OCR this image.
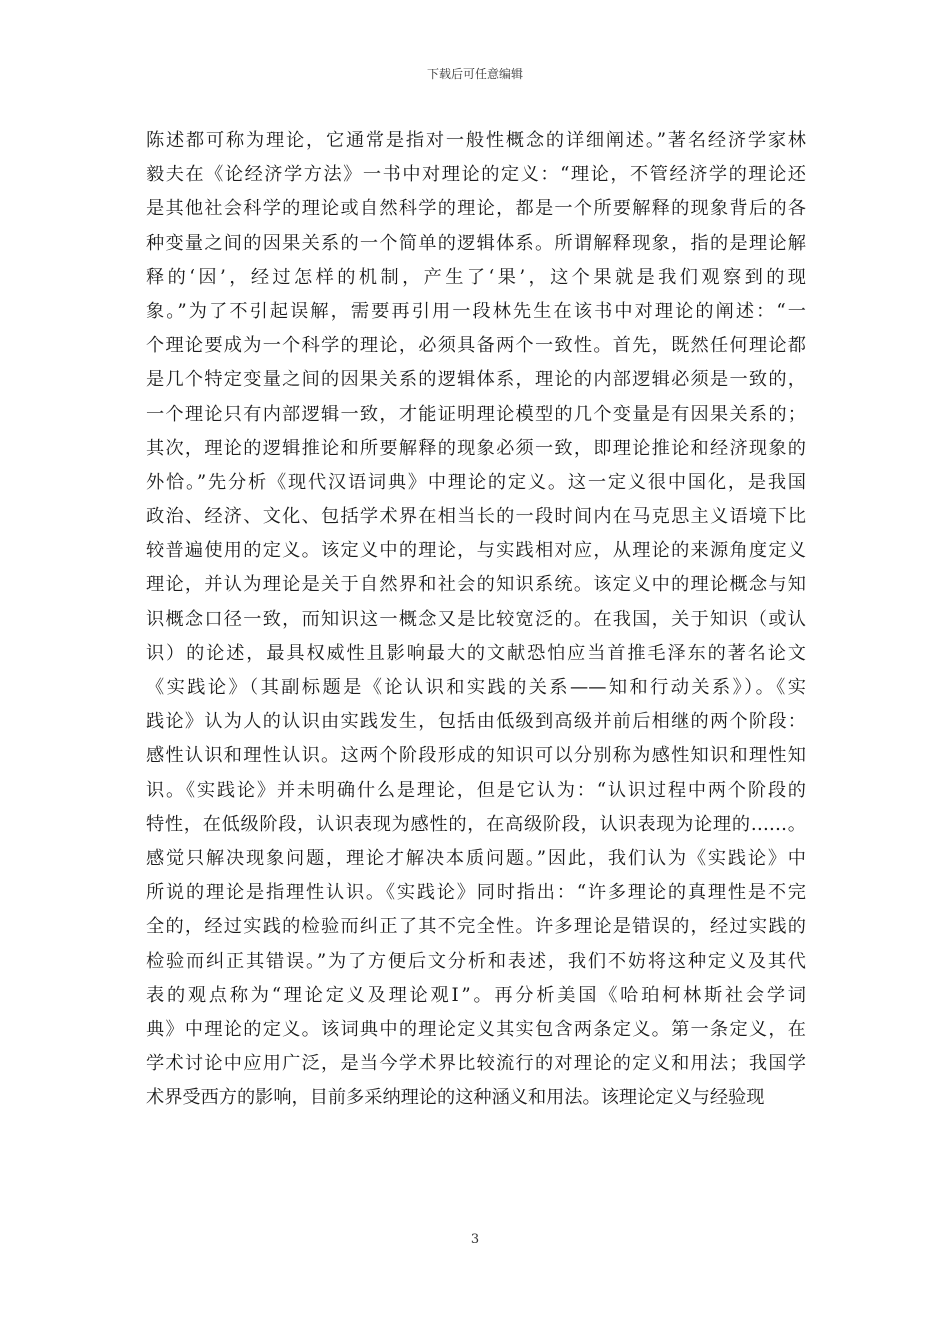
下载后可任意编辑
陈述都可称为理论，它通常是指对一般性概念的详细阐述。”著名经济学家林
毅夫在《论经济学方法》一书中对理论的定义：“理论，不管经济学的理论还
是其他社会科学的理论或自然科学的理论，都是一个所要解释的现象背后的各
种变量之间的因果关系的一个简单的逻辑体系。所谓解释现象，指的是理论解
释的‘因’，经过怎样的机制，产生了‘果’，这个果就是我们观察到的现
象。”为了不引起误解，需要再引用一段林先生在该书中对理论的阐述：“一
个理论要成为一个科学的理论，必须具备两个一致性。首先，既然任何理论都
是几个特定变量之间的因果关系的逻辑体系，理论的内部逻辑必须是一致的，
一个理论只有内部逻辑一致，才能证明理论模型的几个变量是有因果关系的；
其次，理论的逻辑推论和所要解释的现象必须一致，即理论推论和经济现象的
外恰。”先分析《现代汉语词典》中理论的定义。这一定义很中国化，是我国
政治、经济、文化、包括学术界在相当长的一段时间内在马克思主义语境下比
较普遍使用的定义。该定义中的理论，与实践相对应，从理论的来源角度定义
理论，并认为理论是关于自然界和社会的知识系统。该定义中的理论概念与知
识概念口径一致，而知识这一概念又是比较宽泛的。在我国，关于知识（或认
识）的论述，最具权威性且影响最大的文献恐怕应当首推毛泽东的著名论文
《实践论》（其副标题是《论认识和实践的关系——知和行动关系》）。《实
践论》认为人的认识由实践发生，包括由低级到高级并前后相继的两个阶段：
感性认识和理性认识。这两个阶段形成的知识可以分别称为感性知识和理性知
识。《实践论》并未明确什么是理论，但是它认为：“认识过程中两个阶段的
特性，在低级阶段，认识表现为感性的，在高级阶段，认识表现为论理的……。
感觉只解决现象问题，理论才解决本质问题。”因此，我们认为《实践论》中
所说的理论是指理性认识。《实践论》同时指出：“许多理论的真理性是不完
全的，经过实践的检验而纠正了其不完全性。许多理论是错误的，经过实践的
检验而纠正其错误。”为了方便后文分析和表述，我们不妨将这种定义及其代
表的观点称为“理论定义及理论观Ⅰ”。再分析美国《哈珀柯林斯社会学词
典》中理论的定义。该词典中的理论定义其实包含两条定义。第一条定义，在
学术讨论中应用广泛，是当今学术界比较流行的对理论的定义和用法；我国学
术界受西方的影响，目前多采纳理论的这种涵义和用法。该理论定义与经验现
3
